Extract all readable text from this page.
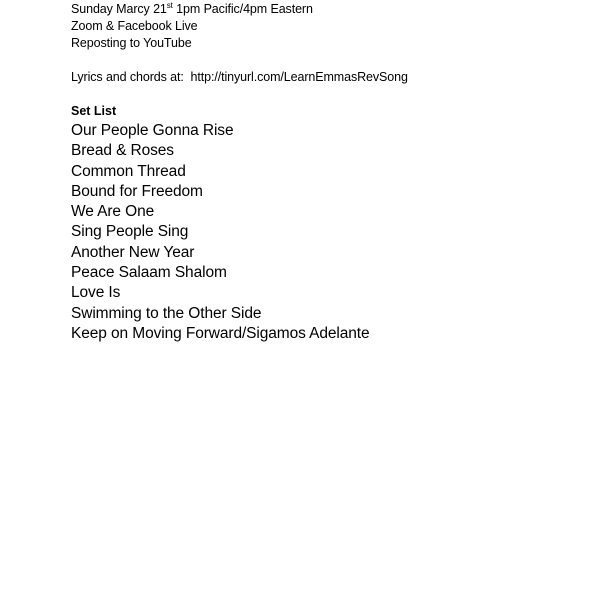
Sunday Marcy 21st 1pm Pacific/4pm Eastern
Zoom & Facebook Live
Reposting to YouTube
Lyrics and chords at:  http://tinyurl.com/LearnEmmasRevSong
Set List
Our People Gonna Rise
Bread & Roses
Common Thread
Bound for Freedom
We Are One
Sing People Sing
Another New Year
Peace Salaam Shalom
Love Is
Swimming to the Other Side
Keep on Moving Forward/Sigamos Adelante
